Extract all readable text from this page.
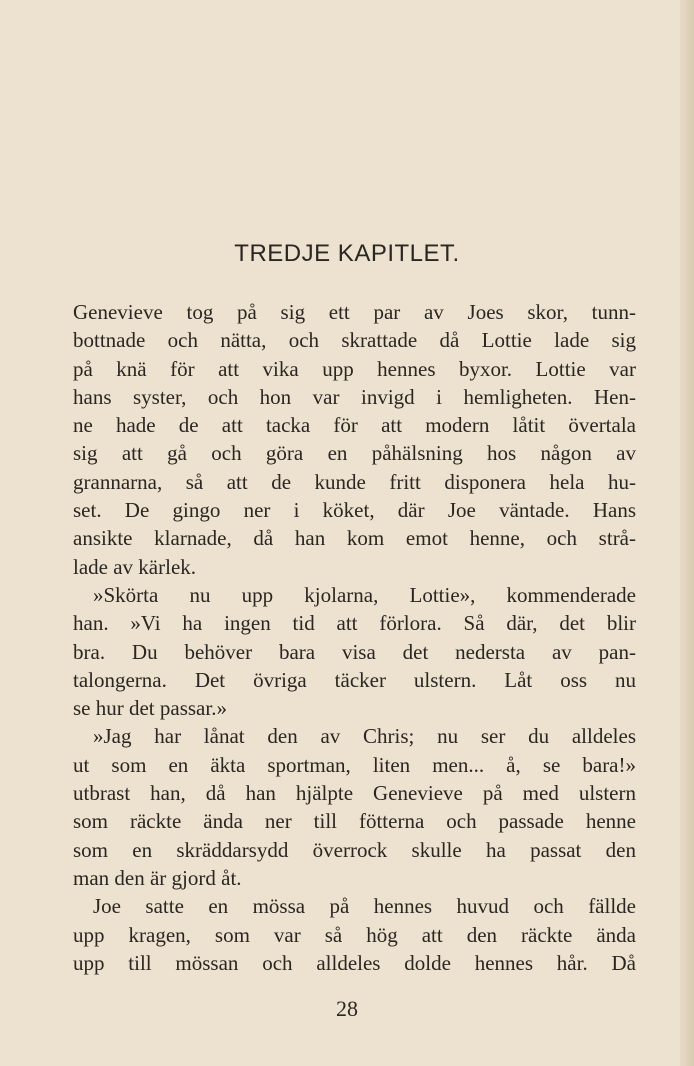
TREDJE KAPITLET.
Genevieve tog på sig ett par av Joes skor, tunn-
bottnade och nätta, och skrattade då Lottie lade sig
på knä för att vika upp hennes byxor. Lottie var
hans syster, och hon var invigd i hemligheten. Hen-
ne hade de att tacka för att modern låtit övertala
sig att gå och göra en påhälsning hos någon av
grannarna, så att de kunde fritt disponera hela hu-
set. De gingo ner i köket, där Joe väntade. Hans
ansikte klarnade, då han kom emot henne, och strå-
lade av kärlek.
»Skörta nu upp kjolarna, Lottie», kommenderade
han. »Vi ha ingen tid att förlora. Så där, det blir
bra. Du behöver bara visa det nedersta av pan-
talongerna. Det övriga täcker ulstern. Låt oss nu
se hur det passar.»
»Jag har lånat den av Chris; nu ser du alldeles
ut som en äkta sportman, liten men... å, se bara!»
utbrast han, då han hjälpte Genevieve på med ulstern
som räckte ända ner till fötterna och passade henne
som en skräddarsydd överrock skulle ha passat den
man den är gjord åt.
Joe satte en mössa på hennes huvud och fällde
upp kragen, som var så hög att den räckte ända
upp till mössan och alldeles dolde hennes hår. Då
28
